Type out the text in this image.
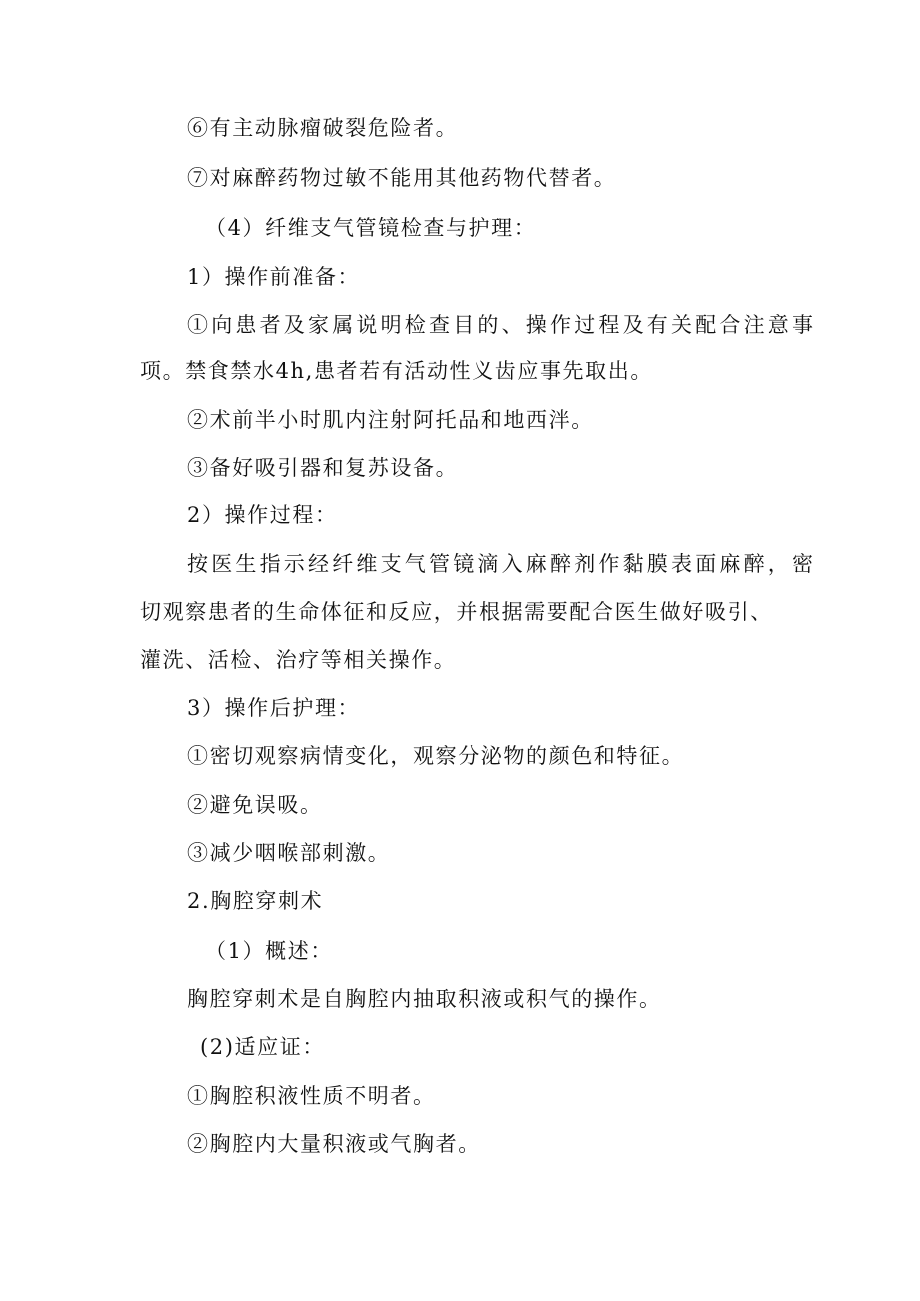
⑥有主动脉瘤破裂危险者。
⑦对麻醉药物过敏不能用其他药物代替者。
（4）纤维支气管镜检查与护理：
1）操作前准备：
①向患者及家属说明检查目的、操作过程及有关配合注意事
项。禁食禁水4h,患者若有活动性义齿应事先取出。
②术前半小时肌内注射阿托品和地西泮。
③备好吸引器和复苏设备。
2）操作过程：
按医生指示经纤维支气管镜滴入麻醉剂作黏膜表面麻醉，密
切观察患者的生命体征和反应，并根据需要配合医生做好吸引、
灌洗、活检、治疗等相关操作。
3）操作后护理：
①密切观察病情变化，观察分泌物的颜色和特征。
②避免误吸。
③减少咽喉部刺激。
2.胸腔穿刺术
（1）概述：
胸腔穿刺术是自胸腔内抽取积液或积气的操作。
(2)适应证：
①胸腔积液性质不明者。
②胸腔内大量积液或气胸者。
